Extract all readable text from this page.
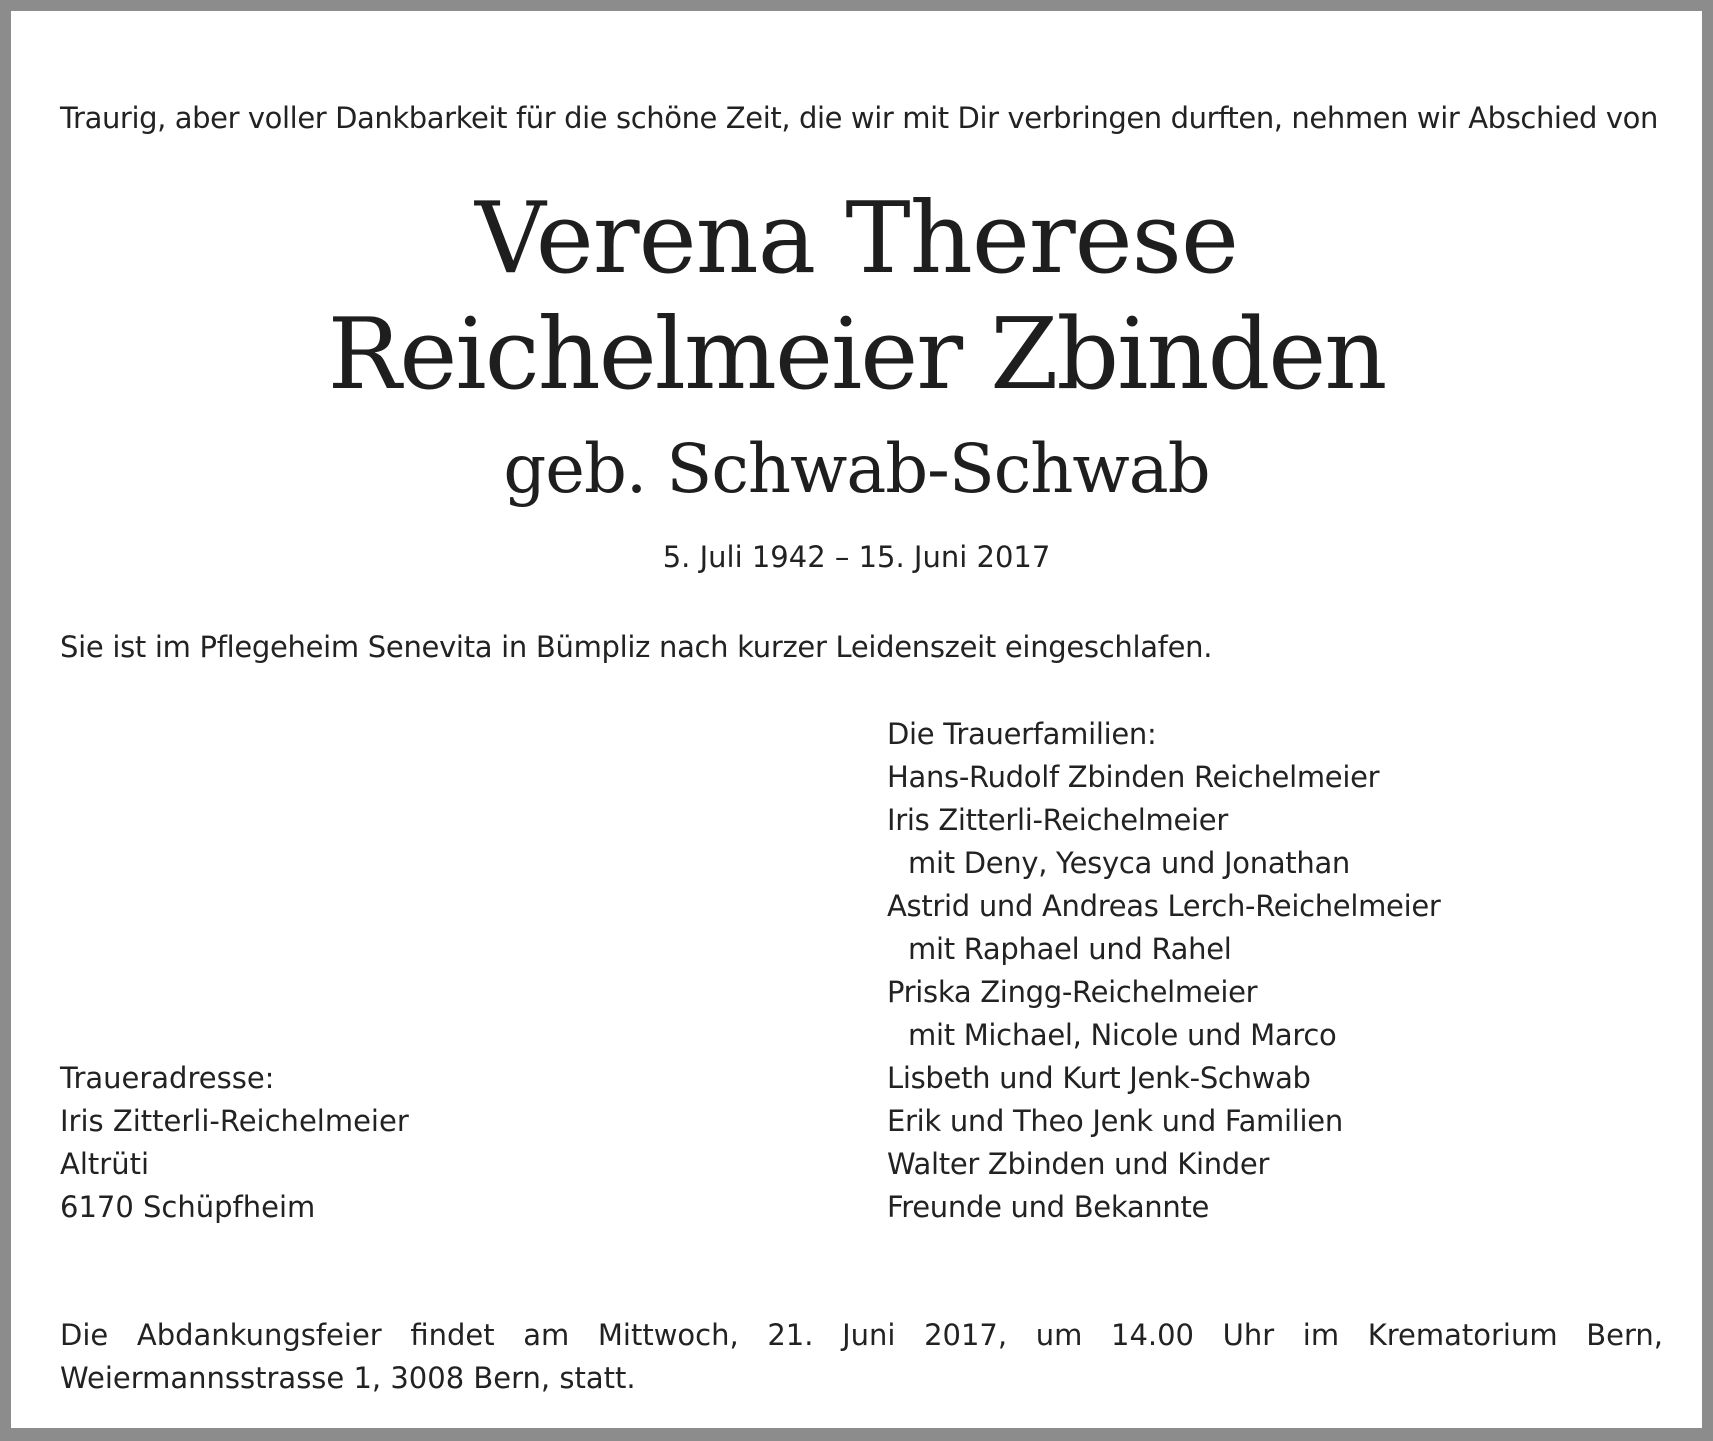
Traurig, aber voller Dankbarkeit für die schöne Zeit, die wir mit Dir verbringen durften, nehmen wir Abschied von
Verena Therese
Reichelmeier Zbinden
geb. Schwab-Schwab
5. Juli 1942 – 15. Juni 2017
Sie ist im Pflegeheim Senevita in Bümpliz nach kurzer Leidenszeit eingeschlafen.
Die Trauerfamilien:
Hans-Rudolf Zbinden Reichelmeier
Iris Zitterli-Reichelmeier
mit Deny, Yesyca und Jonathan
Astrid und Andreas Lerch-Reichelmeier
mit Raphael und Rahel
Priska Zingg-Reichelmeier
mit Michael, Nicole und Marco
Lisbeth und Kurt Jenk-Schwab
Erik und Theo Jenk und Familien
Walter Zbinden und Kinder
Freunde und Bekannte
Traueradresse:
Iris Zitterli-Reichelmeier
Altrüti
6170 Schüpfheim
Die Abdankungsfeier findet am Mittwoch, 21. Juni 2017, um 14.00 Uhr im Krematorium Bern,
Weiermannsstrasse 1, 3008 Bern, statt.
